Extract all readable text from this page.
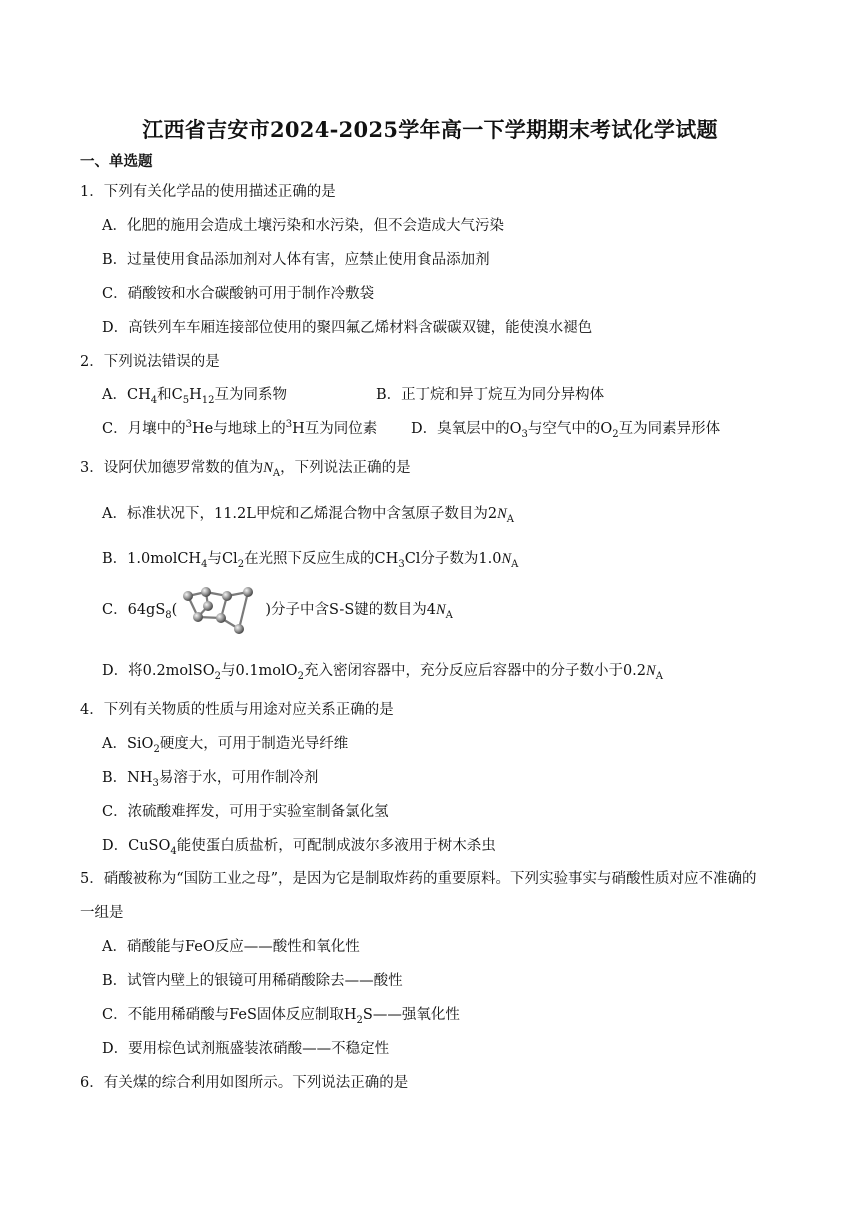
江西省吉安市2024-2025学年高一下学期期末考试化学试题
一、单选题
1．下列有关化学品的使用描述正确的是
A．化肥的施用会造成土壤污染和水污染，但不会造成大气污染
B．过量使用食品添加剂对人体有害，应禁止使用食品添加剂
C．硝酸铵和水合碳酸钠可用于制作冷敷袋
D．高铁列车车厢连接部位使用的聚四氟乙烯材料含碳碳双键，能使溴水褪色
2．下列说法错误的是
A．$CH_4$和$C_5H_{12}$互为同系物	B．正丁烷和异丁烷互为同分异构体
C．月壤中的$^3$He与地球上的$^3$H互为同位素 D．臭氧层中的$O_3$与空气中的$O_2$互为同素异形体
3．设阿伏加德罗常数的值为$N_A$，下列说法正确的是
A．标准状况下，11.2L甲烷和乙烯混合物中含氢原子数目为$2N_A$
B．1.0molCH$_4$与$Cl_2$在光照下反应生成的$CH_3Cl$分子数为$1.0N_A$
C．$64gS_8$(	)分子中含S-S键的数目为$4N_A$
D．将0.2molSO$_2$与0.1molO$_2$充入密闭容器中，充分反应后容器中的分子数小于$0.2N_A$
4．下列有关物质的性质与用途对应关系正确的是
A．SiO$_2$硬度大，可用于制造光导纤维
B．$NH_3$易溶于水，可用作制冷剂
C．浓硫酸难挥发，可用于实验室制备氯化氢
D．CuSO$_4$能使蛋白质盐析，可配制成波尔多液用于树木杀虫
5．硝酸被称为“国防工业之母”，是因为它是制取炸药的重要原料。下列实验事实与硝酸性质对应不准确的
一组是
A．硝酸能与FeO反应——酸性和氧化性
B．试管内壁上的银镜可用稀硝酸除去——酸性
C．不能用稀硝酸与FeS固体反应制取$H_2S——$强氧化性
D．要用棕色试剂瓶盛装浓硝酸——不稳定性
6．有关煤的综合利用如图所示。下列说法正确的是
